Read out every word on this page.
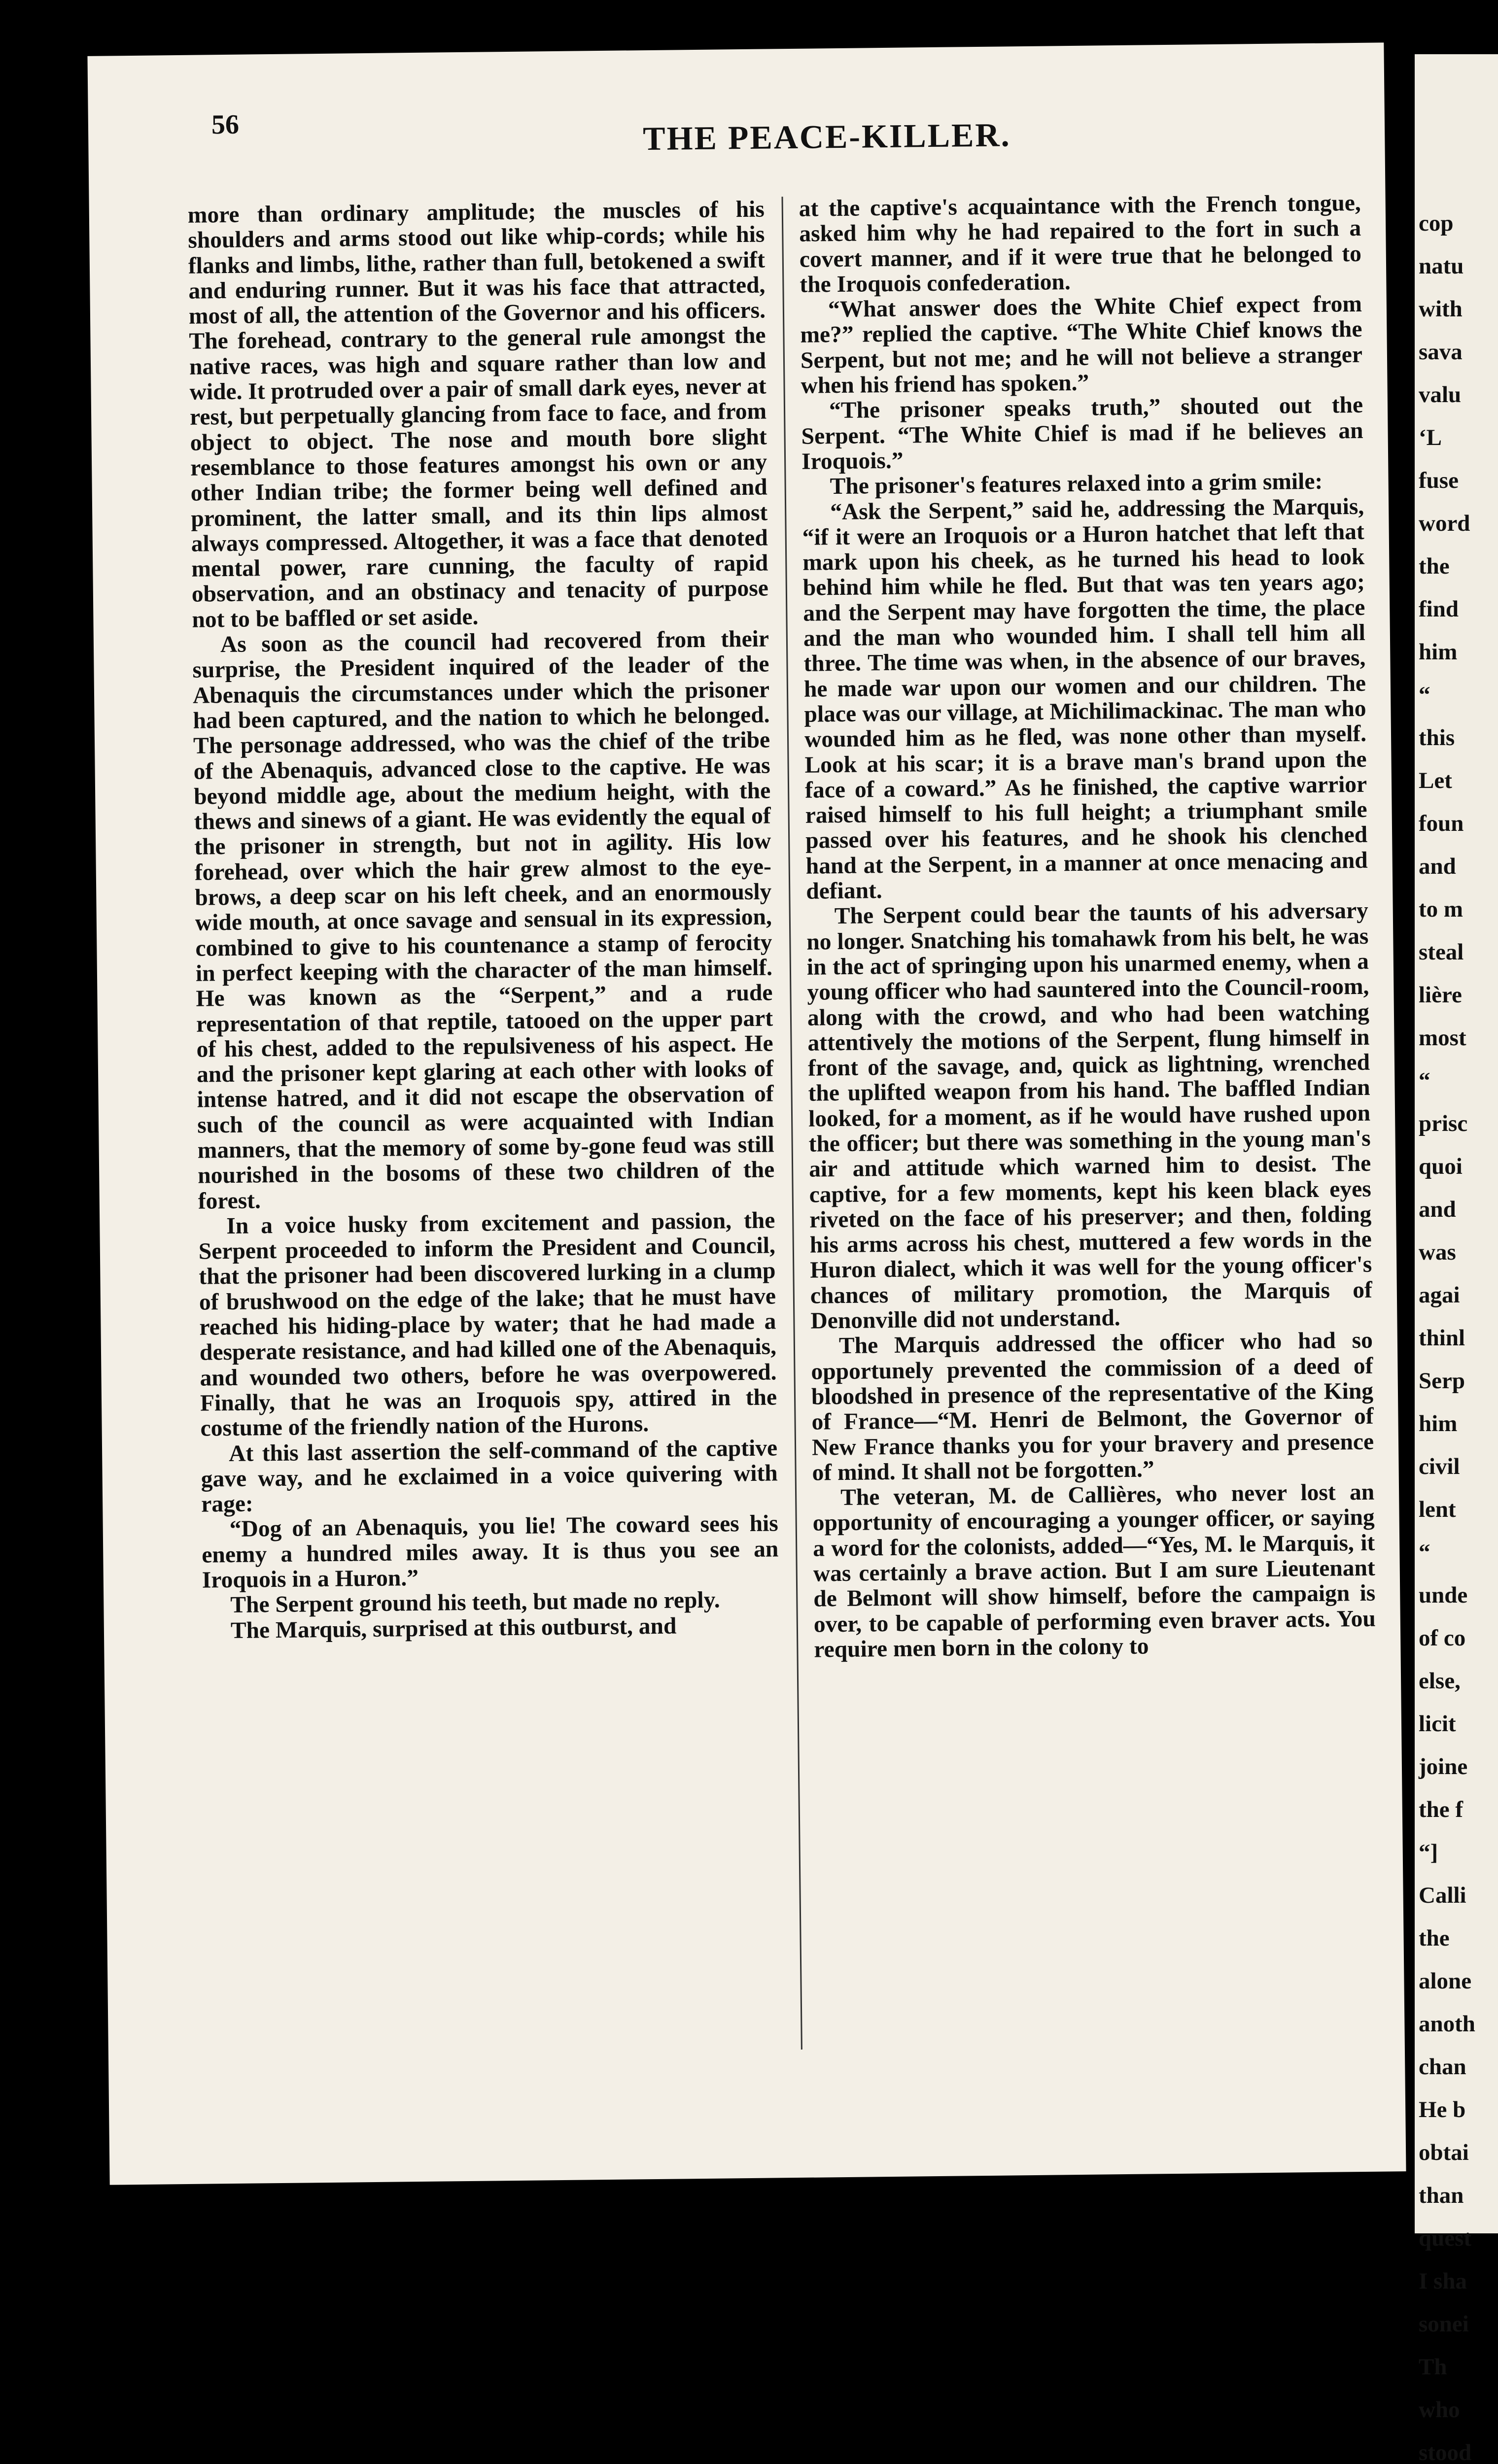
56	THE PEACE-KILLER.

more than ordinary amplitude; the muscles of his shoulders and arms stood out like whip-cords; while his flanks and limbs, lithe, rather than full, betokened a swift and enduring runner. But it was his face that attracted, most of all, the attention of the Governor and his officers. The forehead, contrary to the general rule amongst the native races, was high and square rather than low and wide. It protruded over a pair of small dark eyes, never at rest, but perpetually glancing from face to face, and from object to object. The nose and mouth bore slight resemblance to those features amongst his own or any other Indian tribe; the former being well defined and prominent, the latter small, and its thin lips almost always compressed. Altogether, it was a face that denoted mental power, rare cunning, the faculty of rapid observation, and an obstinacy and tenacity of purpose not to be baffled or set aside.

As soon as the council had recovered from their surprise, the President inquired of the leader of the Abenaquis the circumstances under which the prisoner had been captured, and the nation to which he belonged. The personage addressed, who was the chief of the tribe of the Abenaquis, advanced close to the captive. He was beyond middle age, about the medium height, with the thews and sinews of a giant. He was evidently the equal of the prisoner in strength, but not in agility. His low forehead, over which the hair grew almost to the eye-brows, a deep scar on his left cheek, and an enormously wide mouth, at once savage and sensual in its expression, combined to give to his countenance a stamp of ferocity in perfect keeping with the character of the man himself. He was known as the “Serpent,” and a rude representation of that reptile, tatooed on the upper part of his chest, added to the repulsiveness of his aspect. He and the prisoner kept glaring at each other with looks of intense hatred, and it did not escape the observation of such of the council as were acquainted with Indian manners, that the memory of some by-gone feud was still nourished in the bosoms of these two children of the forest.

In a voice husky from excitement and passion, the Serpent proceeded to inform the President and Council, that the prisoner had been discovered lurking in a clump of brushwood on the edge of the lake; that he must have reached his hiding-place by water; that he had made a desperate resistance, and had killed one of the Abenaquis, and wounded two others, before he was overpowered. Finally, that he was an Iroquois spy, attired in the costume of the friendly nation of the Hurons.

At this last assertion the self-command of the captive gave way, and he exclaimed in a voice quivering with rage:

“Dog of an Abenaquis, you lie! The coward sees his enemy a hundred miles away. It is thus you see an Iroquois in a Huron.”

The Serpent ground his teeth, but made no reply.

The Marquis, surprised at this outburst, and

at the captive's acquaintance with the French tongue, asked him why he had repaired to the fort in such a covert manner, and if it were true that he belonged to the Iroquois confederation.

“What answer does the White Chief expect from me?” replied the captive. “The White Chief knows the Serpent, but not me; and he will not believe a stranger when his friend has spoken.”

“The prisoner speaks truth,” shouted out the Serpent. “The White Chief is mad if he believes an Iroquois.”

The prisoner's features relaxed into a grim smile:

“Ask the Serpent,” said he, addressing the Marquis, “if it were an Iroquois or a Huron hatchet that left that mark upon his cheek, as he turned his head to look behind him while he fled. But that was ten years ago; and the Serpent may have forgotten the time, the place and the man who wounded him. I shall tell him all three. The time was when, in the absence of our braves, he made war upon our women and our children. The place was our village, at Michilimackinac. The man who wounded him as he fled, was none other than myself. Look at his scar; it is a brave man's brand upon the face of a coward.” As he finished, the captive warrior raised himself to his full height; a triumphant smile passed over his features, and he shook his clenched hand at the Serpent, in a manner at once menacing and defiant.

The Serpent could bear the taunts of his adversary no longer. Snatching his tomahawk from his belt, he was in the act of springing upon his unarmed enemy, when a young officer who had sauntered into the Council-room, along with the crowd, and who had been watching attentively the motions of the Serpent, flung himself in front of the savage, and, quick as lightning, wrenched the uplifted weapon from his hand. The baffled Indian looked, for a moment, as if he would have rushed upon the officer; but there was something in the young man's air and attitude which warned him to desist. The captive, for a few moments, kept his keen black eyes riveted on the face of his preserver; and then, folding his arms across his chest, muttered a few words in the Huron dialect, which it was well for the young officer's chances of military promotion, the Marquis of Denonville did not understand.

The Marquis addressed the officer who had so opportunely prevented the commission of a deed of bloodshed in presence of the representative of the King of France—“M. Henri de Belmont, the Governor of New France thanks you for your bravery and presence of mind. It shall not be forgotten.”

The veteran, M. de Callières, who never lost an opportunity of encouraging a younger officer, or saying a word for the colonists, added—“Yes, M. le Marquis, it was certainly a brave action. But I am sure Lieutenant de Belmont will show himself, before the campaign is over, to be capable of performing even braver acts. You require men born in the colony to

cop

natu

with

sava

valu

‘L

fuse

word

the

find

him

“

this

Let

foun

and

to m

steal

lière

most

“

prisc

quoi

and

was

agai

thinl

Serp

him

civil

lent

“

unde

of co

else,

licit

joine

the f

“]

Calli

the

alone

anoth

chan

He b

obtai

than

quest

I sha

sonei

Th

who

stood
